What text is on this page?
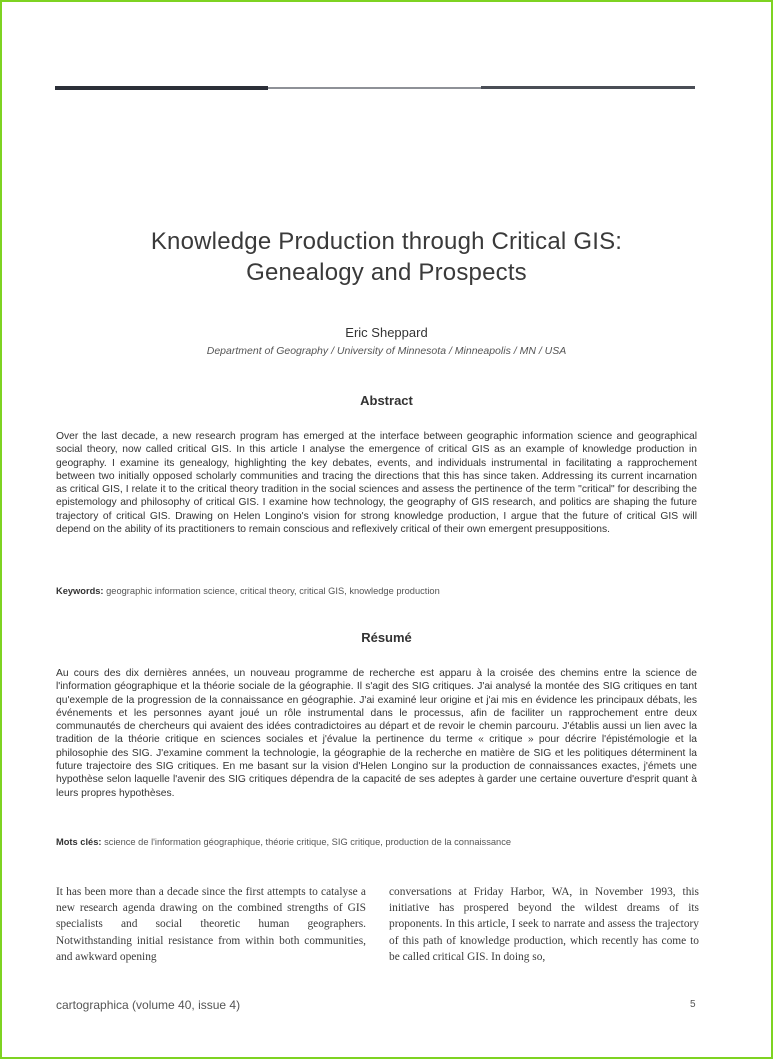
Knowledge Production through Critical GIS:
Genealogy and Prospects
Eric Sheppard
Department of Geography / University of Minnesota / Minneapolis / MN / USA
Abstract

Over the last decade, a new research program has emerged at the interface between geographic information science and geographical social theory, now called critical GIS. In this article I analyse the emergence of critical GIS as an example of knowledge production in geography. I examine its genealogy, highlighting the key debates, events, and individuals instrumental in facilitating a rapprochement between two initially opposed scholarly communities and tracing the directions that this has since taken. Addressing its current incarnation as critical GIS, I relate it to the critical theory tradition in the social sciences and assess the pertinence of the term "critical" for describing the epistemology and philosophy of critical GIS. I examine how technology, the geography of GIS research, and politics are shaping the future trajectory of critical GIS. Drawing on Helen Longino's vision for strong knowledge production, I argue that the future of critical GIS will depend on the ability of its practitioners to remain conscious and reflexively critical of their own emergent presuppositions.

Keywords: geographic information science, critical theory, critical GIS, knowledge production
Résumé

Au cours des dix dernières années, un nouveau programme de recherche est apparu à la croisée des chemins entre la science de l'information géographique et la théorie sociale de la géographie. Il s'agit des SIG critiques. J'ai analysé la montée des SIG critiques en tant qu'exemple de la progression de la connaissance en géographie. J'ai examiné leur origine et j'ai mis en évidence les principaux débats, les événements et les personnes ayant joué un rôle instrumental dans le processus, afin de faciliter un rapprochement entre deux communautés de chercheurs qui avaient des idées contradictoires au départ et de revoir le chemin parcouru. J'établis aussi un lien avec la tradition de la théorie critique en sciences sociales et j'évalue la pertinence du terme « critique » pour décrire l'épistémologie et la philosophie des SIG. J'examine comment la technologie, la géographie de la recherche en matière de SIG et les politiques déterminent la future trajectoire des SIG critiques. En me basant sur la vision d'Helen Longino sur la production de connaissances exactes, j'émets une hypothèse selon laquelle l'avenir des SIG critiques dépendra de la capacité de ses adeptes à garder une certaine ouverture d'esprit quant à leurs propres hypothèses.

Mots clés: science de l'information géographique, théorie critique, SIG critique, production de la connaissance

It has been more than a decade since the first attempts to catalyse a new research agenda drawing on the combined strengths of GIS specialists and social theoretic human geographers. Notwithstanding initial resistance from within both communities, and awkward opening

conversations at Friday Harbor, WA, in November 1993, this initiative has prospered beyond the wildest dreams of its proponents. In this article, I seek to narrate and assess the trajectory of this path of knowledge production, which recently has come to be called critical GIS. In doing so,

cartographica (volume 40, issue 4)	5
